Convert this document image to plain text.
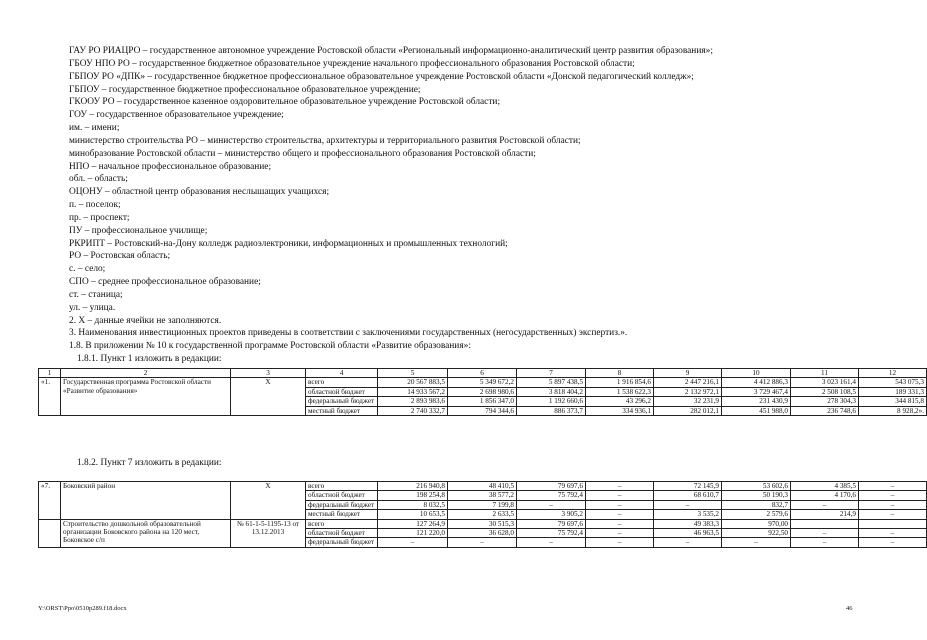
ГАУ РО РИАЦРО – государственное автономное учреждение Ростовской области «Региональный информационно-аналитический центр развития образования»;
ГБОУ НПО РО – государственное бюджетное образовательное учреждение начального профессионального образования Ростовской области;
ГБПОУ РО «ДПК» – государственное бюджетное профессиональное образовательное учреждение Ростовской области «Донской педагогический колледж»;
ГБПОУ – государственное бюджетное профессиональное образовательное учреждение;
ГКООУ РО – государственное казенное оздоровительное образовательное учреждение Ростовской области;
ГОУ – государственное образовательное учреждение;
им. – имени;
министерство строительства РО – министерство строительства, архитектуры и территориального развития Ростовской области;
минобразование Ростовской области – министерство общего и профессионального образования Ростовской области;
НПО – начальное профессиональное образование;
обл. – область;
ОЦОНУ – областной центр образования неслышащих учащихся;
п. – поселок;
пр. – проспект;
ПУ – профессиональное училище;
РКРИПТ – Ростовский-на-Дону колледж радиоэлектроники, информационных и промышленных технологий;
РО – Ростовская область;
с. – село;
СПО – среднее профессиональное образование;
ст. – станица;
ул. – улица.
2. Х – данные ячейки не заполняются.
3. Наименования инвестиционных проектов приведены в соответствии с заключениями государственных (негосударственных) экспертиз.».
1.8. В приложении № 10 к государственной программе Ростовской области «Развитие образования»:
1.8.1. Пункт 1 изложить в редакции:
1	2	3	4	5	6	7	8	9	10	11	12
«1.	Государственная программа Ростовской области «Развитие образования»	Х	всего	20 567 883,5	5 349 672,2	5 897 438,5	1 916 854,6	2 447 216,1	4 412 886,3	3 023 161,4	543 075,3
			областной бюджет	14 933 567,2	2 698 980,6	3 818 404,2	1 538 622,3	2 132 972,1	3 729 467,4	2 508 108,5	189 331,3
			федеральный бюджет	2 893 983,6	1 856 347,0	1 192 660,6	43 296,2	32 231,9	231 430,9	278 304,3	344 815,8
			местный бюджет	2 740 332,7	794 344,6	886 373,7	334 936,1	282 012,1	451 988,0	236 748,6	8 928,2».
1.8.2. Пункт 7 изложить в редакции:
«7.	Боковский район	Х	всего	216 940,8	48 410,5	79 697,6	–	72 145,9	53 602,6	4 385,5	–
			областной бюджет	198 254,8	38 577,2	75 792,4	–	68 610,7	50 190,3	4 170,6	–
			федеральный бюджет	8 032,5	7 199,8	–	–	–	832,7	–	–
			местный бюджет	10 653,5	2 633,5	3 905,2	–	3 535,2	2 579,6	214,9	–
	Строительство дошкольной образовательной организации Боковского района на 120 мест, Боковское с/п	№ 61-1-5-1195-13 от 13.12.2013	всего	127 264,9	30 515,3	79 697,6	–	49 383,3	970,00		
			областной бюджет	121 220,0	36 628,0	75 792,4	–	46 963,5	922,50	–	–
			федеральный бюджет	–	–	–	–	–	–	–	–
Y:\ORST\Ppo\0510p289.f18.docx	46
